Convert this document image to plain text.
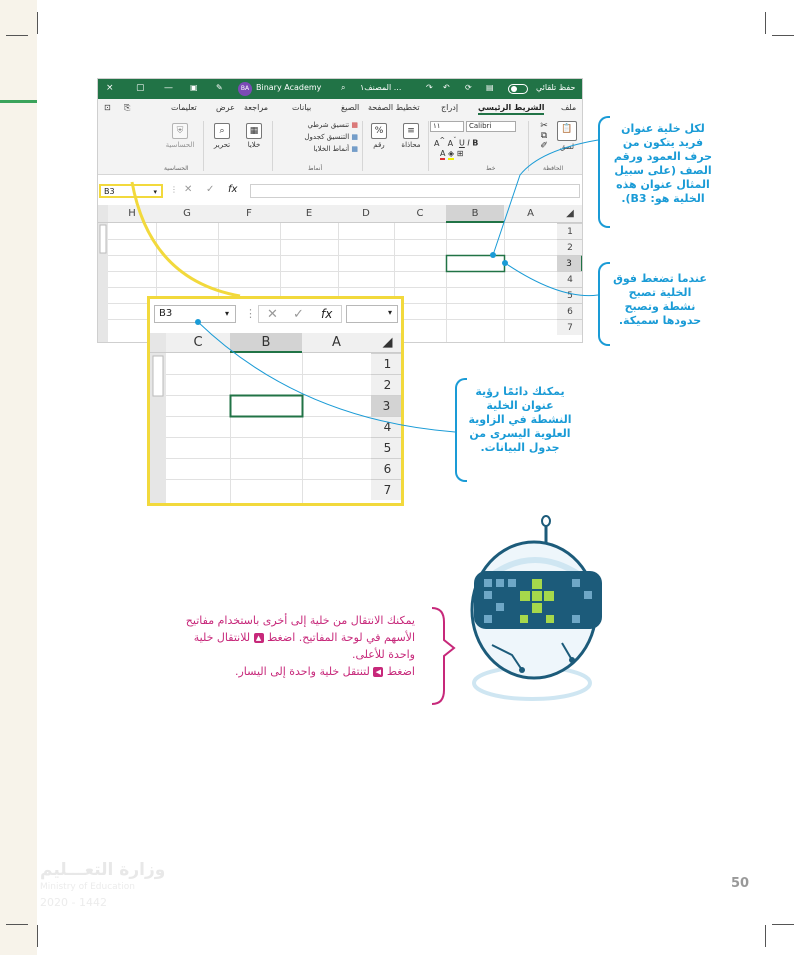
× ▢ — ▣ ✎	BA Binary Academy ⌕ المصنف١ ...	↷ ↶ ⟳ ▤	حفظ تلقائي
⊡ ⎘	تعليمات عرض مراجعة	بيانات	الصيغ تخطيط الصفحة	إدراج الشريط الرئيسي ملف
⛨
الحساسية
الحساسية
⌕
تحرير
▦
خلايا
تنسيق شرطي ▦
التنسيق كجدول ▦
أنماط الخلايا ▦
أنماط
%
رقم
≡
محاذاة
١١	Calibri
A^ $A^ˇ$ U I B
A ◈ ⊞
خط
✂
⧉
✐
📋
لصق
الحافظة
B3	▾ ⋮ ✕ ✓ fx
H	G	F	E	D	C	B	A	◢
1
2
3
4
5
6
7
B3	▾ ⋮ ✕ ✓ fx	▾
C	B	A	◢
1
2
3
4
5
6
7
لكل خلية عنوان فريد يتكون من حرف العمود ورقم الصف (على سبيل المثال عنوان هذه الخلية هو: B3).
عندما تضغط فوق الخلية تصبح نشطة وتصبح حدودها سميكة.
يمكنك دائمًا رؤية عنوان الخلية النشطة في الزاوية العلوية اليسرى من جدول البيانات.
يمكنك الانتقال من خلية إلى أخرى باستخدام مفاتيح الأسهم في لوحة المفاتيح. اضغط ▲ للانتقال خلية واحدة للأعلى.
اضغط ◀ لتنتقل خلية واحدة إلى اليسار.
وزارة التعـــليم
Ministry of Education
2020 - 1442
50
